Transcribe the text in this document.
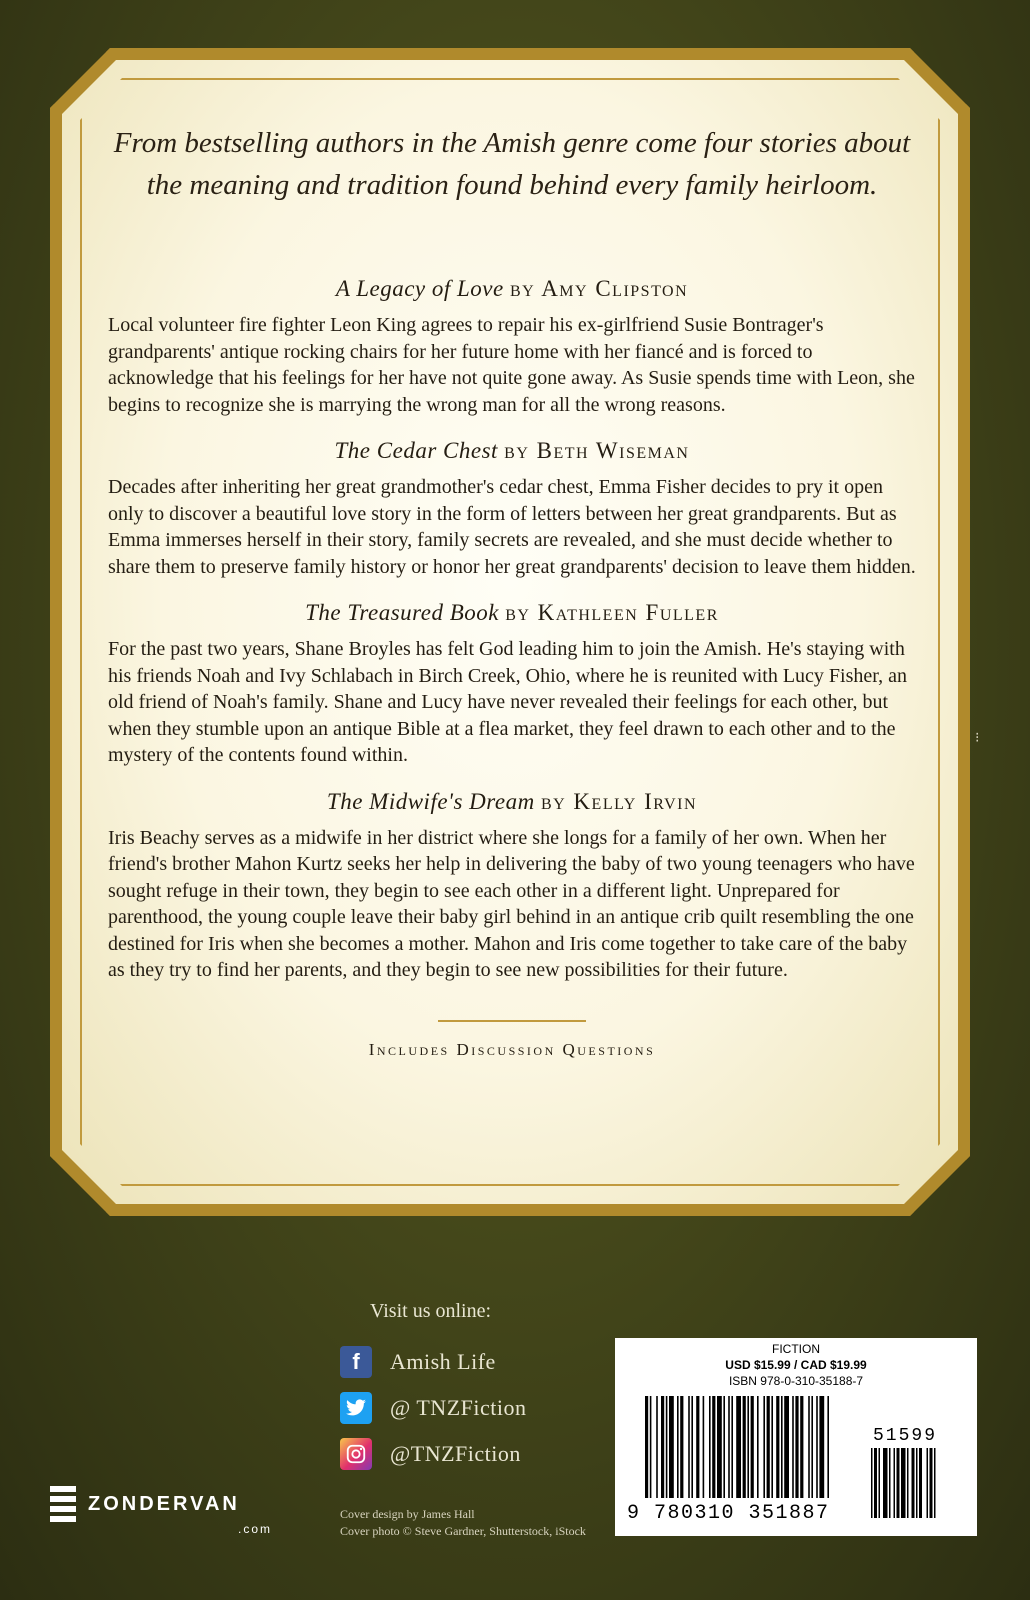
From bestselling authors in the Amish genre come four stories about
the meaning and tradition found behind every family heirloom.
A Legacy of Love by Amy Clipston

Local volunteer fire fighter Leon King agrees to repair his ex-girlfriend Susie Bontrager's grandparents' antique rocking chairs for her future home with her fiancé and is forced to acknowledge that his feelings for her have not quite gone away. As Susie spends time with Leon, she begins to recognize she is marrying the wrong man for all the wrong reasons.

The Cedar Chest by Beth Wiseman

Decades after inheriting her great grandmother's cedar chest, Emma Fisher decides to pry it open only to discover a beautiful love story in the form of letters between her great grandparents. But as Emma immerses herself in their story, family secrets are revealed, and she must decide whether to share them to preserve family history or honor her great grandparents' decision to leave them hidden.

The Treasured Book by Kathleen Fuller

For the past two years, Shane Broyles has felt God leading him to join the Amish. He's staying with his friends Noah and Ivy Schlabach in Birch Creek, Ohio, where he is reunited with Lucy Fisher, an old friend of Noah's family. Shane and Lucy have never revealed their feelings for each other, but when they stumble upon an antique Bible at a flea market, they feel drawn to each other and to the mystery of the contents found within.

The Midwife's Dream by Kelly Irvin

Iris Beachy serves as a midwife in her district where she longs for a family of her own. When her friend's brother Mahon Kurtz seeks her help in delivering the baby of two young teenagers who have sought refuge in their town, they begin to see each other in a different light. Unprepared for parenthood, the young couple leave their baby girl behind in an antique crib quilt resembling the one destined for Iris when she becomes a mother. Mahon and Iris come together to take care of the baby as they try to find her parents, and they begin to see new possibilities for their future.

Includes Discussion Questions
⁝
Visit us online:
f	Amish Life
@ TNZFiction
@TNZFiction
ZONDERVAN
.com
Cover design by James Hall
Cover photo © Steve Gardner, Shutterstock, iStock
FICTION
USD $15.99 / CAD $19.99
ISBN 978-0-310-35188-7
51599
9 780310 351887
